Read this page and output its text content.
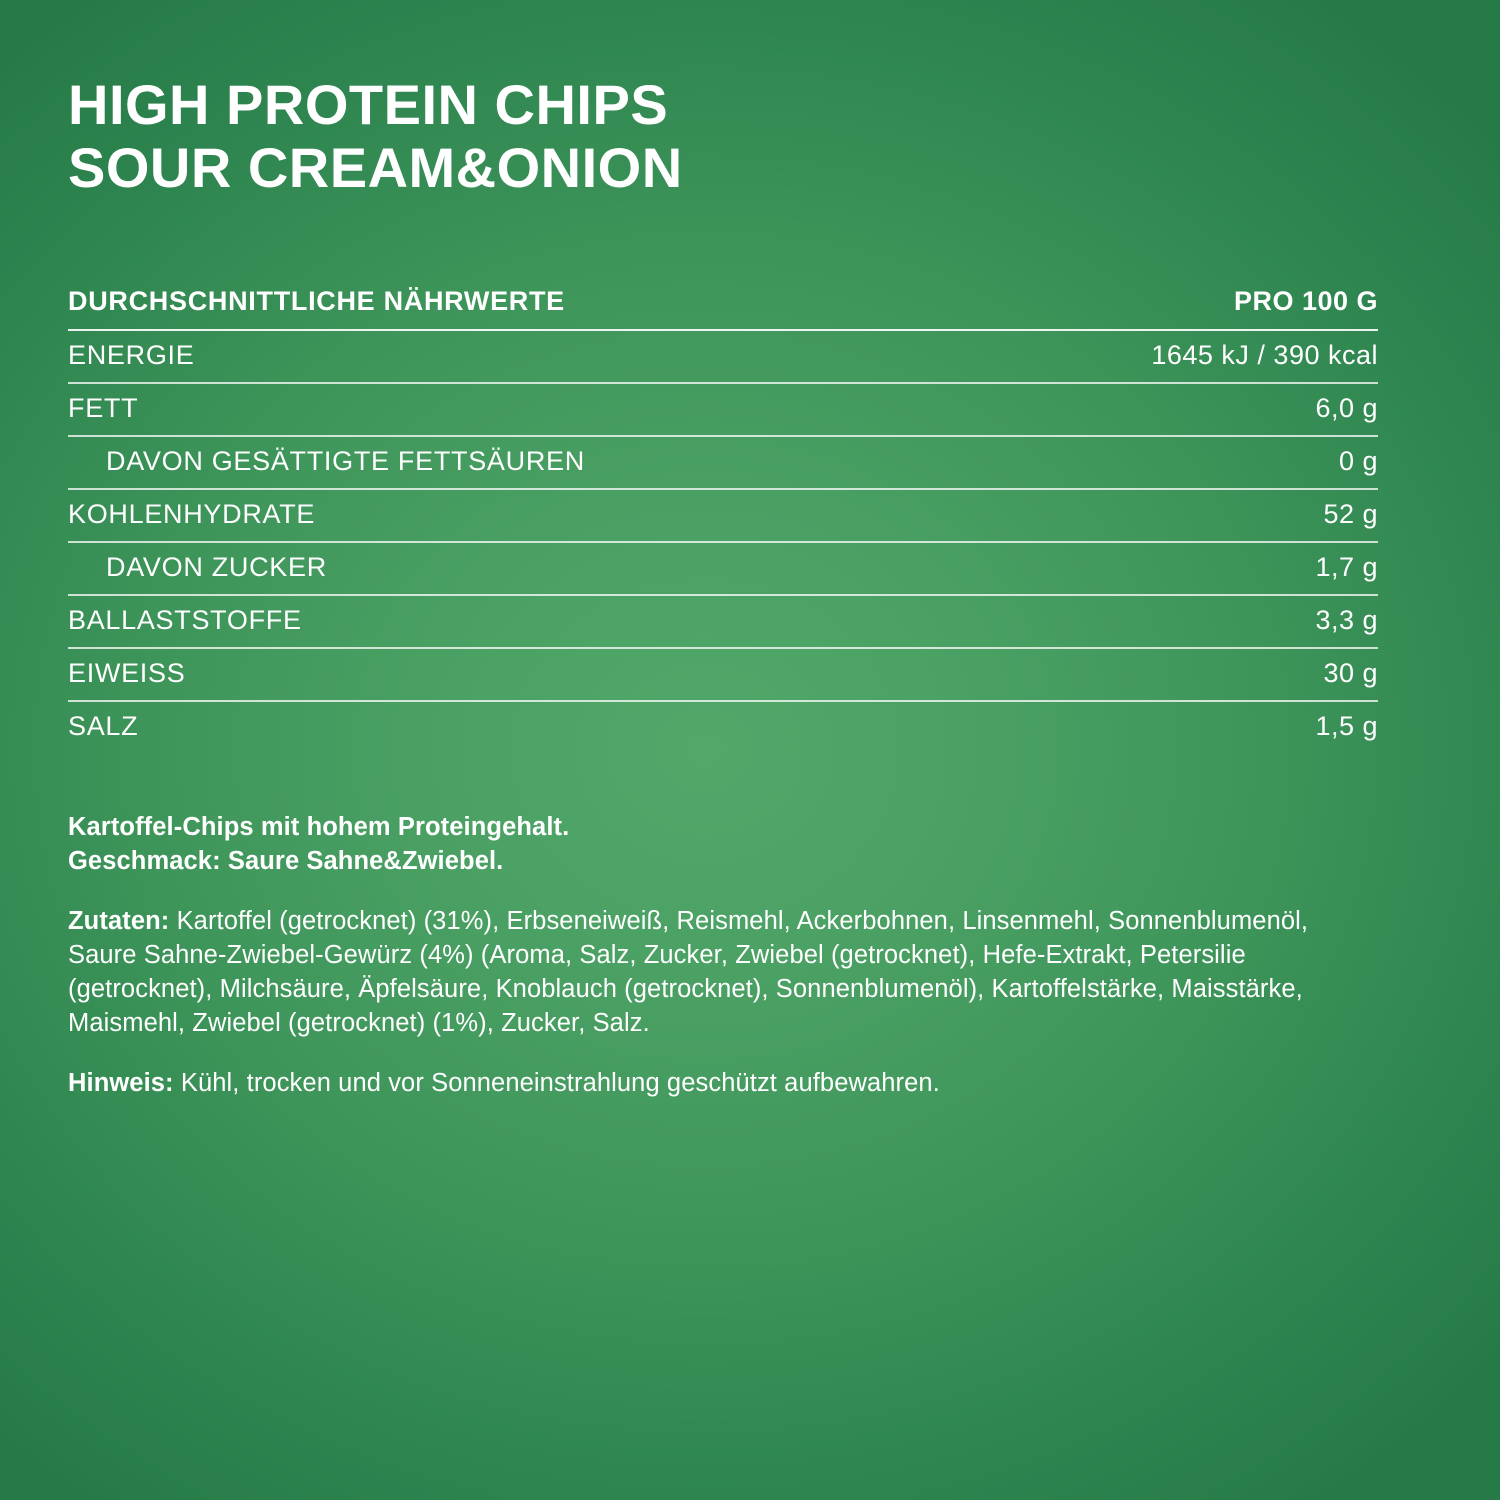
HIGH PROTEIN CHIPS
SOUR CREAM&ONION
DURCHSCHNITTLICHE NÄHRWERTE	PRO 100 G
ENERGIE	1645 kJ / 390 kcal
FETT	6,0 g
DAVON GESÄTTIGTE FETTSÄUREN	0 g
KOHLENHYDRATE	52 g
DAVON ZUCKER	1,7 g
BALLASTSTOFFE	3,3 g
EIWEISS	30 g
SALZ	1,5 g

Kartoffel-Chips mit hohem Proteingehalt.
Geschmack: Saure Sahne&Zwiebel.

Zutaten: Kartoffel (getrocknet) (31%), Erbseneiweiß, Reismehl, Ackerbohnen, Linsenmehl, Sonnenblumenöl, Saure Sahne-Zwiebel-Gewürz (4%) (Aroma, Salz, Zucker, Zwiebel (getrocknet), Hefe-Extrakt, Petersilie (getrocknet), Milchsäure, Äpfelsäure, Knoblauch (getrocknet), Sonnenblumenöl), Kartoffelstärke, Maisstärke, Maismehl, Zwiebel (getrocknet) (1%), Zucker, Salz.

Hinweis: Kühl, trocken und vor Sonneneinstrahlung geschützt aufbewahren.
